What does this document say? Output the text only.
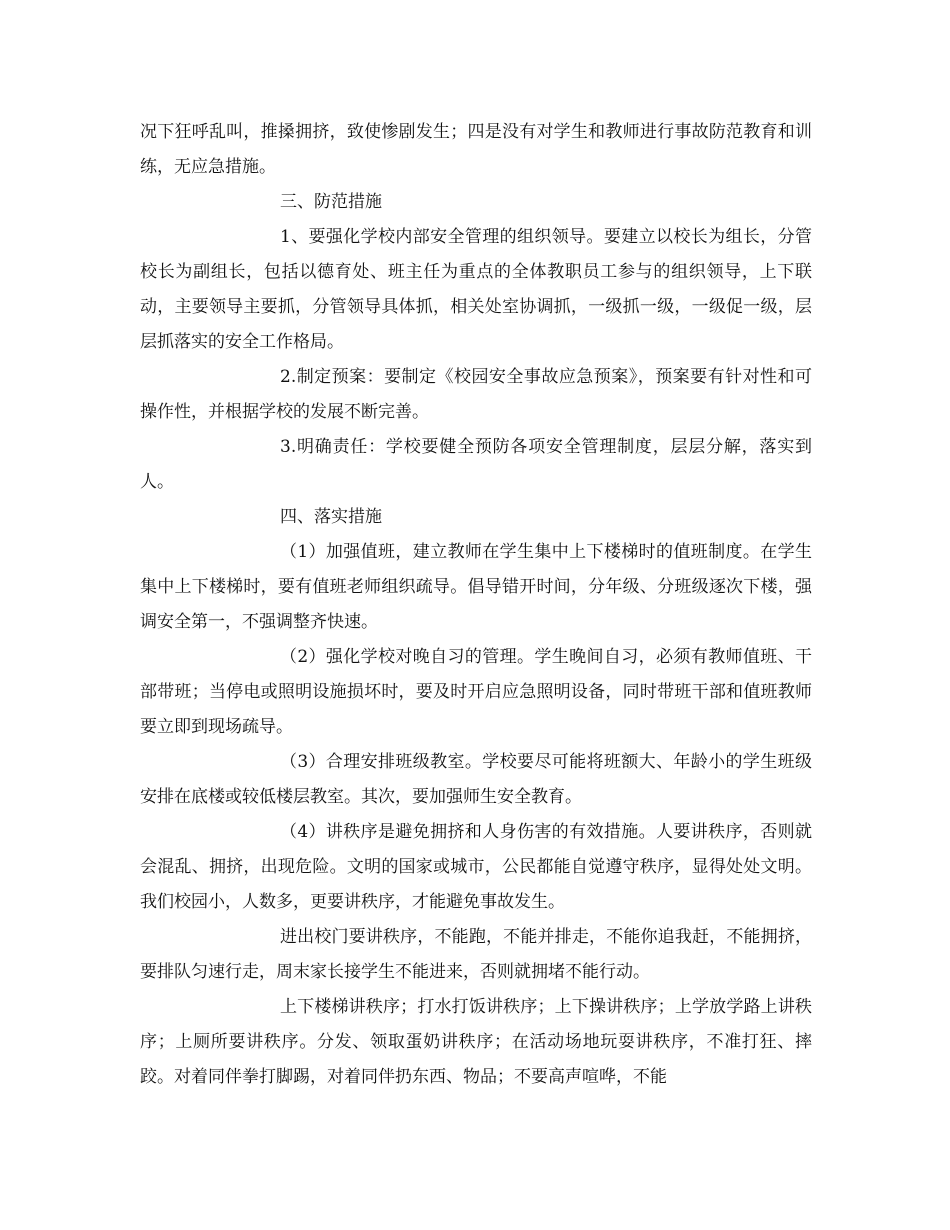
况下狂呼乱叫，推搡拥挤，致使惨剧发生；四是没有对学生和教师进行事故防范教育和训练，无应急措施。

三、防范措施

1、要强化学校内部安全管理的组织领导。要建立以校长为组长，分管校长为副组长，包括以德育处、班主任为重点的全体教职员工参与的组织领导，上下联动，主要领导主要抓，分管领导具体抓，相关处室协调抓，一级抓一级，一级促一级，层层抓落实的安全工作格局。

2.制定预案：要制定《校园安全事故应急预案》，预案要有针对性和可操作性，并根据学校的发展不断完善。

3.明确责任：学校要健全预防各项安全管理制度，层层分解，落实到人。

四、落实措施

（1）加强值班，建立教师在学生集中上下楼梯时的值班制度。在学生集中上下楼梯时，要有值班老师组织疏导。倡导错开时间，分年级、分班级逐次下楼，强调安全第一，不强调整齐快速。

（2）强化学校对晚自习的管理。学生晚间自习，必须有教师值班、干部带班；当停电或照明设施损坏时，要及时开启应急照明设备，同时带班干部和值班教师要立即到现场疏导。

（3）合理安排班级教室。学校要尽可能将班额大、年龄小的学生班级安排在底楼或较低楼层教室。其次，要加强师生安全教育。

（4）讲秩序是避免拥挤和人身伤害的有效措施。人要讲秩序，否则就会混乱、拥挤，出现危险。文明的国家或城市，公民都能自觉遵守秩序，显得处处文明。我们校园小，人数多，更要讲秩序，才能避免事故发生。

进出校门要讲秩序，不能跑，不能并排走，不能你追我赶，不能拥挤，要排队匀速行走，周末家长接学生不能进来，否则就拥堵不能行动。

上下楼梯讲秩序；打水打饭讲秩序；上下操讲秩序；上学放学路上讲秩序；上厕所要讲秩序。分发、领取蛋奶讲秩序；在活动场地玩耍讲秩序，不准打狂、摔跤。对着同伴拳打脚踢，对着同伴扔东西、物品；不要高声喧哗，不能
